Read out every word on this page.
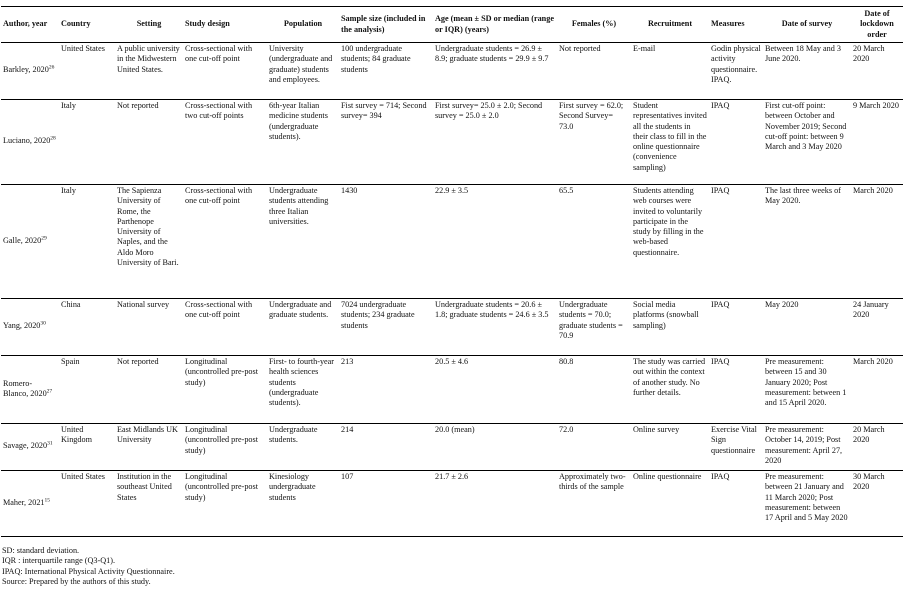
Author, year	Country	Setting	Study design	Population	Sample size (included in the analysis)	Age (mean ± SD or median (range or IQR) (years)	Females (%)	Recruitment	Measures	Date of survey	Date of lockdown order
Barkley, 2020$^{26}$	United States	A public university in the Midwestern United States.	Cross-sectional with one cut-off point	University (undergraduate and graduate) students and employees.	100 undergraduate students; 84 graduate students	Undergraduate students = 26.9 ± 8.9; graduate students = 29.9 ± 9.7	Not reported	E-mail	Godin physical activity questionnaire. IPAQ.	Between 18 May and 3 June 2020.	20 March 2020
Luciano, 2020$^{28}$	Italy	Not reported	Cross-sectional with two cut-off points	6th-year Italian medicine students (undergraduate students).	Fist survey = 714; Second survey= 394	First survey= 25.0 ± 2.0; Second survey = 25.0 ± 2.0	First survey = 62.0; Second Survey= 73.0	Student representatives invited all the students in their class to fill in the online questionnaire (convenience sampling)	IPAQ	First cut-off point: between October and November 2019; Second cut-off point: between 9 March and 3 May 2020	9 March 2020
Galle, 2020$^{29}$	Italy	The Sapienza University of Rome, the Parthenope University of Naples, and the Aldo Moro University of Bari.	Cross-sectional with one cut-off point	Undergraduate students attending three Italian universities.	1430	22.9 ± 3.5	65.5	Students attending web courses were invited to voluntarily participate in the study by filling in the web-based questionnaire.	IPAQ	The last three weeks of May 2020.	March 2020
Yang, 2020$^{30}$	China	National survey	Cross-sectional with one cut-off point	Undergraduate and graduate students.	7024 undergraduate students; 234 graduate students	Undergraduate students = 20.6 ± 1.8; graduate students = 24.6 ± 3.5	Undergraduate students = 70.0; graduate students = 70.9	Social media platforms (snowball sampling)	IPAQ	May 2020	24 January 2020
Romero-Blanco, 2020$^{27}$	Spain	Not reported	Longitudinal (uncontrolled pre-post study)	First- to fourth-year health sciences students (undergraduate students).	213	20.5 ± 4.6	80.8	The study was carried out within the context of another study. No further details.	IPAQ	Pre measurement: between 15 and 30 January 2020; Post measurement: between 1 and 15 April 2020.	March 2020
Savage, 2020$^{31}$	United Kingdom	East Midlands UK University	Longitudinal (uncontrolled pre-post study)	Undergraduate students.	214	20.0 (mean)	72.0	Online survey	Exercise Vital Sign questionnaire	Pre measurement: October 14, 2019; Post measurement: April 27, 2020	20 March 2020
Maher, 2021$^{15}$	United States	Institution in the southeast United States	Longitudinal (uncontrolled pre-post study)	Kinesiology undergraduate students	107	21.7 ± 2.6	Approximately two-thirds of the sample	Online questionnaire	IPAQ	Pre measurement: between 21 January and 11 March 2020; Post measurement: between 17 April and 5 May 2020	30 March 2020
SD: standard deviation.
IQR : interquartile range (Q3-Q1).
IPAQ: International Physical Activity Questionnaire.
Source: Prepared by the authors of this study.
